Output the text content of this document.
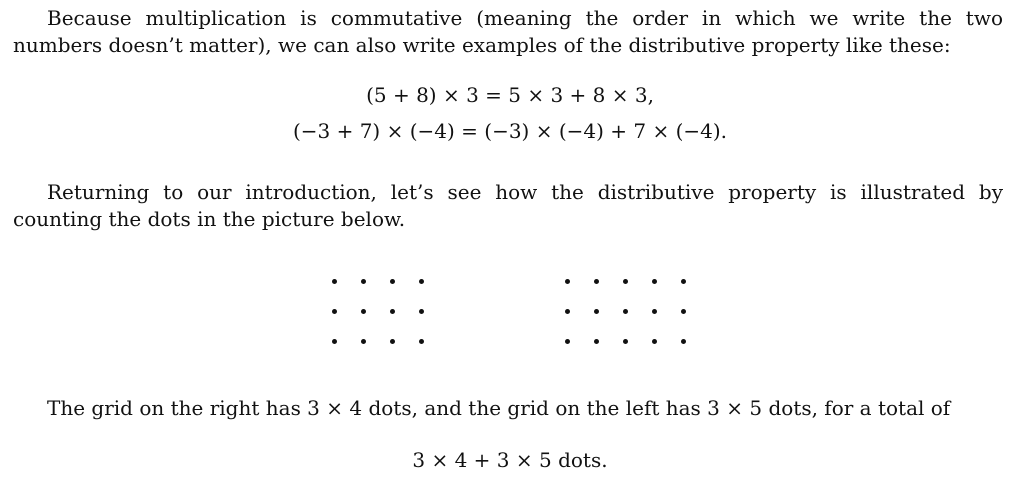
Because multiplication is commutative (meaning the order in which we write the two numbers doesn’t matter), we can also write examples of the distributive property like these:

(5 + 8) × 3 = 5 × 3 + 8 × 3,

(−3 + 7) × (−4) = (−3) × (−4) + 7 × (−4).

Returning to our introduction, let’s see how the distributive property is illustrated by counting the dots in the picture below.

The grid on the right has 3 × 4 dots, and the grid on the left has 3 × 5 dots, for a total of

3 × 4 + 3 × 5 dots.
